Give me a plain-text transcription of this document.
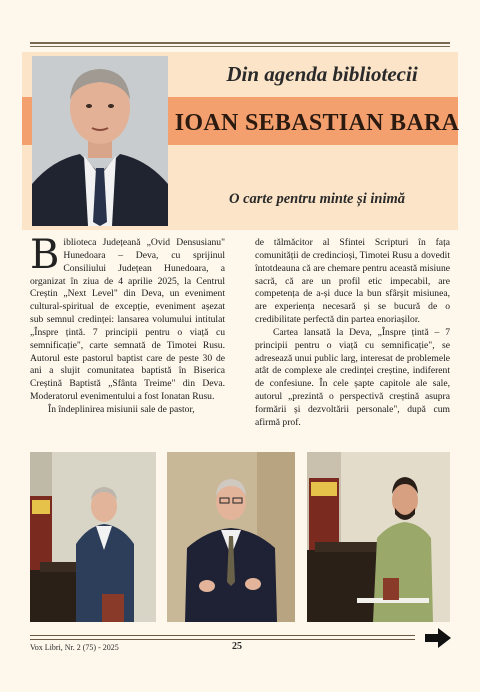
Din agenda bibliotecii
IOAN SEBASTIAN BARA
O carte pentru minte și inimă

Biblioteca Județeană „Ovid Densusianu" Hunedoara – Deva, cu sprijinul Consiliului Județean Hunedoara, a organizat în ziua de 4 aprilie 2025, la Centrul Creștin „Next Level" din Deva, un eveniment cultural-spiritual de excepție, eveniment așezat sub semnul credinței: lansarea volumului intitulat „Înspre țintă. 7 principii pentru o viață cu semnificație", carte semnată de Timotei Rusu. Autorul este pastorul baptist care de peste 30 de ani a slujit comunitatea baptistă în Biserica Creștină Baptistă „Sfânta Treime" din Deva. Moderatorul evenimentului a fost Ionatan Rusu.

În îndeplinirea misiunii sale de pastor,

de tălmăcitor al Sfintei Scripturi în fața comunității de credincioși, Timotei Rusu a dovedit întotdeauna că are chemare pentru această misiune sacră, că are un profil etic impecabil, are competența de a-și duce la bun sfârșit misiunea, are experiența necesară și se bucură de o credibilitate perfectă din partea enoriașilor.

Cartea lansată la Deva, „Înspre țintă – 7 principii pentru o viață cu semnificație", se adresează unui public larg, interesat de problemele atât de complexe ale credinței creștine, indiferent de confesiune. În cele șapte capitole ale sale, autorul „prezintă o perspectivă creștină asupra formării și dezvoltării personale", după cum afirmă prof.

Vox Libri, Nr. 2 (75) - 2025	25
